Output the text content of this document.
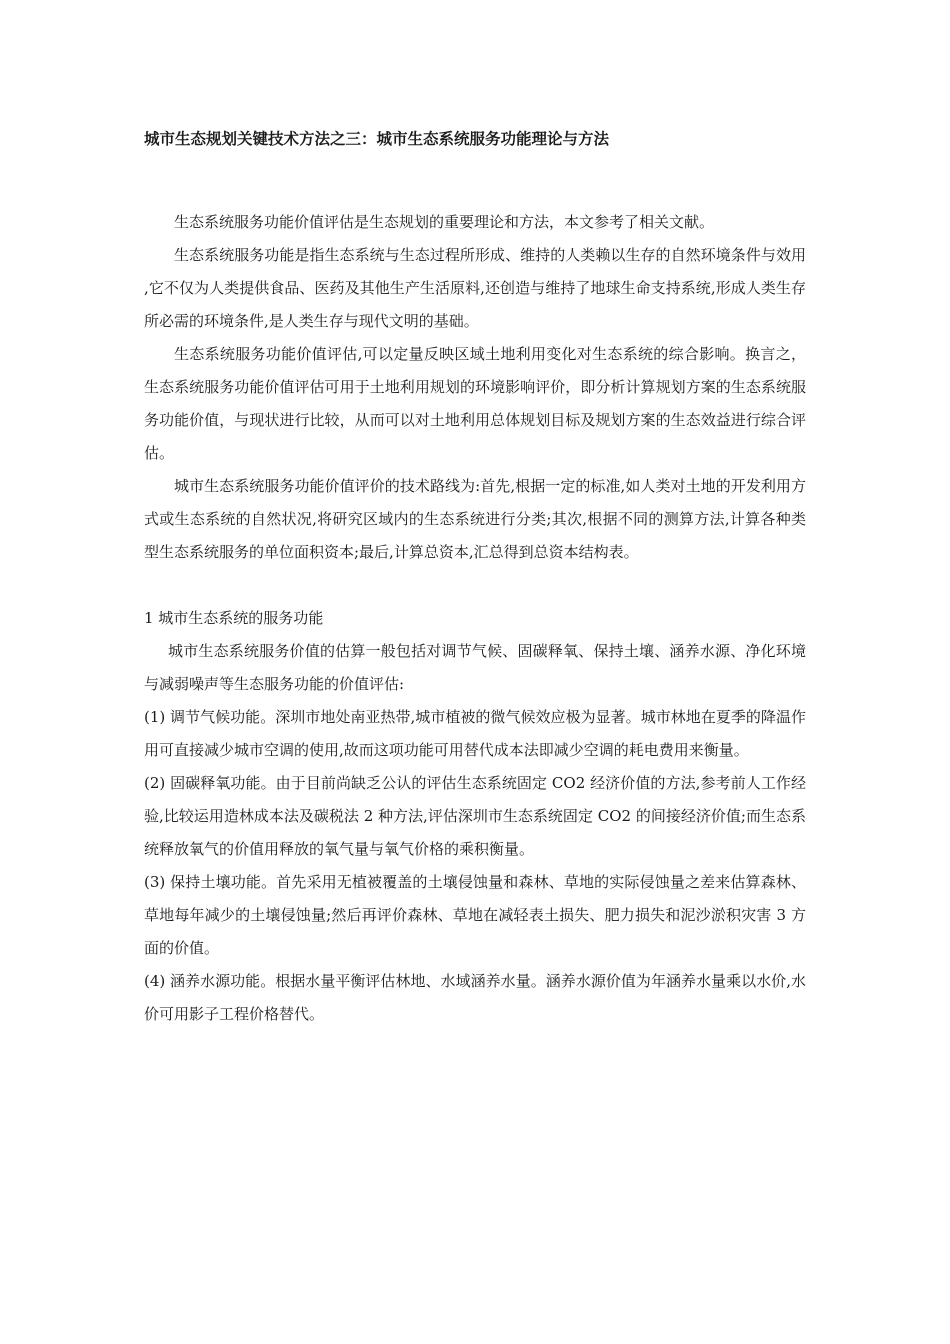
城市生态规划关键技术方法之三：城市生态系统服务功能理论与方法

生态系统服务功能价值评估是生态规划的重要理论和方法，本文参考了相关文献。

生态系统服务功能是指生态系统与生态过程所形成、维持的人类赖以生存的自然环境条件与效用 ,它不仅为人类提供食品、医药及其他生产生活原料,还创造与维持了地球生命支持系统,形成人类生存所必需的环境条件,是人类生存与现代文明的基础。

生态系统服务功能价值评估,可以定量反映区域土地利用变化对生态系统的综合影响。换言之，生态系统服务功能价值评估可用于土地利用规划的环境影响评价，即分析计算规划方案的生态系统服务功能价值，与现状进行比较，从而可以对土地利用总体规划目标及规划方案的生态效益进行综合评估。

城市生态系统服务功能价值评价的技术路线为:首先,根据一定的标准,如人类对土地的开发利用方式或生态系统的自然状况,将研究区域内的生态系统进行分类;其次,根据不同的测算方法,计算各种类型生态系统服务的单位面积资本;最后,计算总资本,汇总得到总资本结构表。

1 城市生态系统的服务功能

城市生态系统服务价值的估算一般包括对调节气候、固碳释氧、保持土壤、涵养水源、净化环境与减弱噪声等生态服务功能的价值评估:

(1) 调节气候功能。深圳市地处南亚热带,城市植被的微气候效应极为显著。城市林地在夏季的降温作用可直接减少城市空调的使用,故而这项功能可用替代成本法即减少空调的耗电费用来衡量。

(2) 固碳释氧功能。由于目前尚缺乏公认的评估生态系统固定 CO2 经济价值的方法,参考前人工作经验,比较运用造林成本法及碳税法 2 种方法,评估深圳市生态系统固定 CO2 的间接经济价值;而生态系统释放氧气的价值用释放的氧气量与氧气价格的乘积衡量。

(3) 保持土壤功能。首先采用无植被覆盖的土壤侵蚀量和森林、草地的实际侵蚀量之差来估算森林、草地每年减少的土壤侵蚀量;然后再评价森林、草地在减轻表土损失、肥力损失和泥沙淤积灾害 3 方面的价值。

(4) 涵养水源功能。根据水量平衡评估林地、水域涵养水量。涵养水源价值为年涵养水量乘以水价,水价可用影子工程价格替代。
